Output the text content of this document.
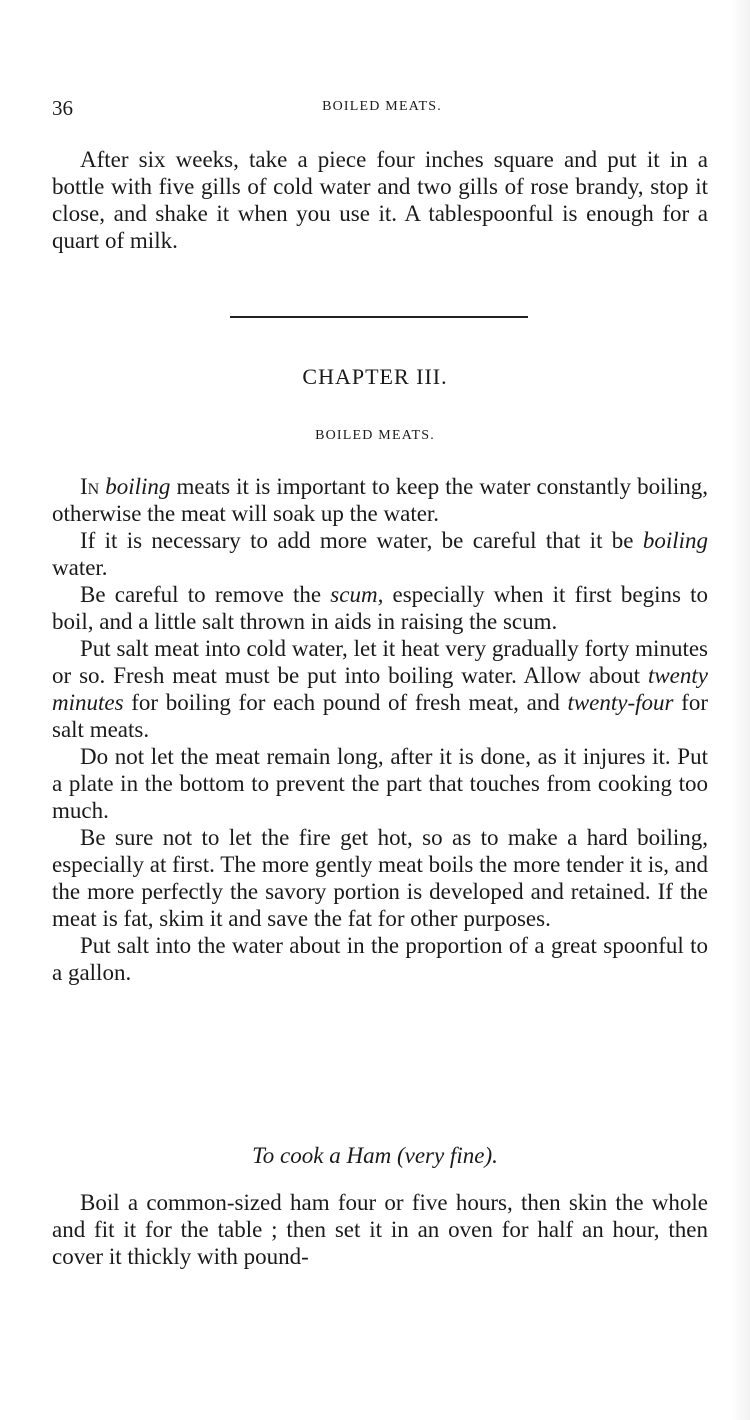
36	BOILED MEATS.

After six weeks, take a piece four inches square and put it in a bottle with five gills of cold water and two gills of rose brandy, stop it close, and shake it when you use it. A tablespoonful is enough for a quart of milk.

CHAPTER III.
BOILED MEATS.

In boiling meats it is important to keep the water constantly boiling, otherwise the meat will soak up the water.

If it is necessary to add more water, be careful that it be boiling water.

Be careful to remove the scum, especially when it first begins to boil, and a little salt thrown in aids in raising the scum.

Put salt meat into cold water, let it heat very gradually forty minutes or so. Fresh meat must be put into boiling water. Allow about twenty minutes for boiling for each pound of fresh meat, and twenty-four for salt meats.

Do not let the meat remain long, after it is done, as it injures it. Put a plate in the bottom to prevent the part that touches from cooking too much.

Be sure not to let the fire get hot, so as to make a hard boiling, especially at first. The more gently meat boils the more tender it is, and the more perfectly the savory portion is developed and retained. If the meat is fat, skim it and save the fat for other purposes.

Put salt into the water about in the proportion of a great spoonful to a gallon.

To cook a Ham (very fine).

Boil a common-sized ham four or five hours, then skin the whole and fit it for the table ; then set it in an oven for half an hour, then cover it thickly with pound-
